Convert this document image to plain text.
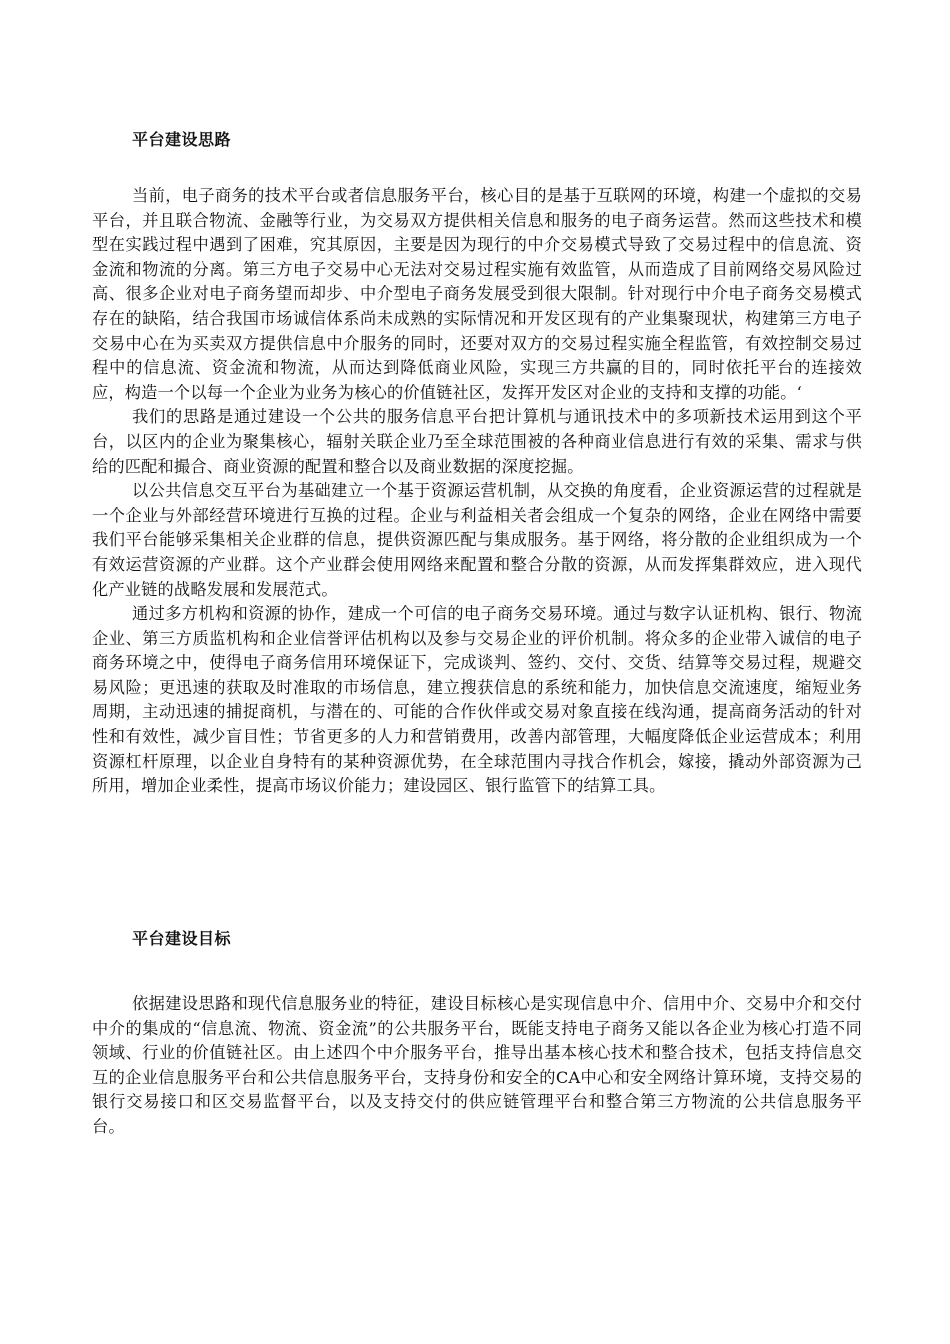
平台建设思路

当前，电子商务的技术平台或者信息服务平台，核心目的是基于互联网的环境，构建一个虚拟的交易平台，并且联合物流、金融等行业，为交易双方提供相关信息和服务的电子商务运营。然而这些技术和模型在实践过程中遇到了困难，究其原因，主要是因为现行的中介交易模式导致了交易过程中的信息流、资金流和物流的分离。第三方电子交易中心无法对交易过程实施有效监管，从而造成了目前网络交易风险过高、很多企业对电子商务望而却步、中介型电子商务发展受到很大限制。针对现行中介电子商务交易模式存在的缺陷，结合我国市场诚信体系尚未成熟的实际情况和开发区现有的产业集聚现状，构建第三方电子交易中心在为买卖双方提供信息中介服务的同时，还要对双方的交易过程实施全程监管，有效控制交易过程中的信息流、资金流和物流，从而达到降低商业风险，实现三方共赢的目的，同时依托平台的连接效应，构造一个以每一个企业为业务为核心的价值链社区，发挥开发区对企业的支持和支撑的功能。‘

我们的思路是通过建设一个公共的服务信息平台把计算机与通讯技术中的多项新技术运用到这个平台，以区内的企业为聚集核心，辐射关联企业乃至全球范围被的各种商业信息进行有效的采集、需求与供给的匹配和撮合、商业资源的配置和整合以及商业数据的深度挖掘。

以公共信息交互平台为基础建立一个基于资源运营机制，从交换的角度看，企业资源运营的过程就是一个企业与外部经营环境进行互换的过程。企业与利益相关者会组成一个复杂的网络，企业在网络中需要我们平台能够采集相关企业群的信息，提供资源匹配与集成服务。基于网络，将分散的企业组织成为一个有效运营资源的产业群。这个产业群会使用网络来配置和整合分散的资源，从而发挥集群效应，进入现代化产业链的战略发展和发展范式。

通过多方机构和资源的协作，建成一个可信的电子商务交易环境。通过与数字认证机构、银行、物流企业、第三方质监机构和企业信誉评估机构以及参与交易企业的评价机制。将众多的企业带入诚信的电子商务环境之中，使得电子商务信用环境保证下，完成谈判、签约、交付、交货、结算等交易过程，规避交易风险；更迅速的获取及时准取的市场信息，建立搜获信息的系统和能力，加快信息交流速度，缩短业务周期，主动迅速的捕捉商机，与潜在的、可能的合作伙伴或交易对象直接在线沟通，提高商务活动的针对性和有效性，减少盲目性；节省更多的人力和营销费用，改善内部管理，大幅度降低企业运营成本；利用资源杠杆原理，以企业自身特有的某种资源优势，在全球范围内寻找合作机会，嫁接，撬动外部资源为己所用，增加企业柔性，提高市场议价能力；建设园区、银行监管下的结算工具。

平台建设目标

依据建设思路和现代信息服务业的特征，建设目标核心是实现信息中介、信用中介、交易中介和交付中介的集成的“信息流、物流、资金流”的公共服务平台，既能支持电子商务又能以各企业为核心打造不同领域、行业的价值链社区。由上述四个中介服务平台，推导出基本核心技术和整合技术，包括支持信息交互的企业信息服务平台和公共信息服务平台，支持身份和安全的CA中心和安全网络计算环境，支持交易的银行交易接口和区交易监督平台，以及支持交付的供应链管理平台和整合第三方物流的公共信息服务平台。
